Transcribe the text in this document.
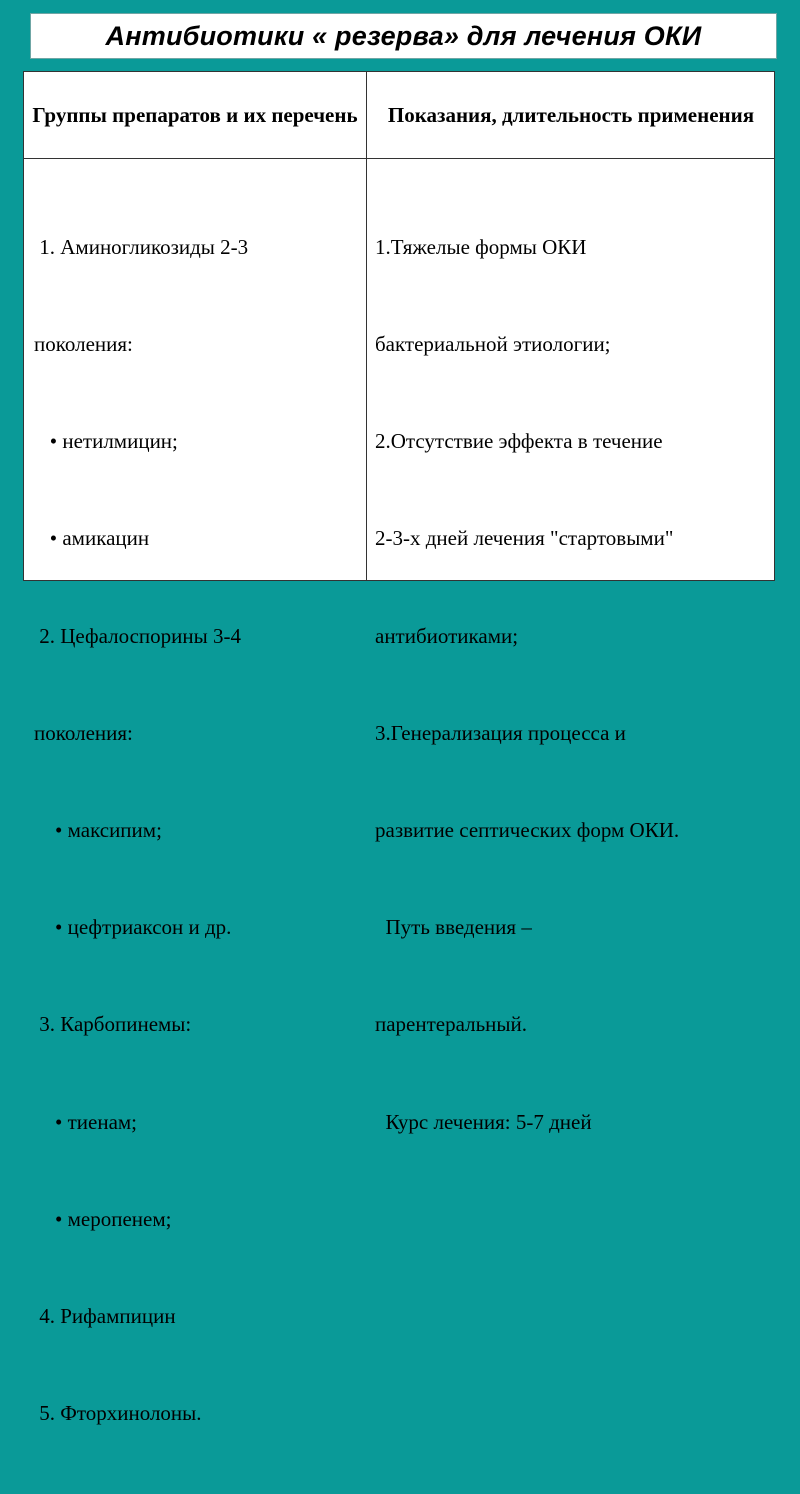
Антибиотики « резерва» для лечения ОКИ
Группы препаратов и их перечень	Показания, длительность применения

1. Аминогликозиды 2-3

поколения:

• нетилмицин;

• амикацин

2. Цефалоспорины 3-4

поколения:

• максипим;

• цефтриаксон и др.

3. Карбопинемы:

• тиенам;

• меропенем;

4. Рифампицин

5. Фторхинолоны.

1.Тяжелые формы ОКИ

бактериальной этиологии;

2.Отсутствие эффекта в течение

2-3-х дней лечения "стартовыми"

антибиотиками;

3.Генерализация процесса и

развитие септических форм ОКИ.

Путь введения –

парентеральный.

Курс лечения: 5-7 дней
